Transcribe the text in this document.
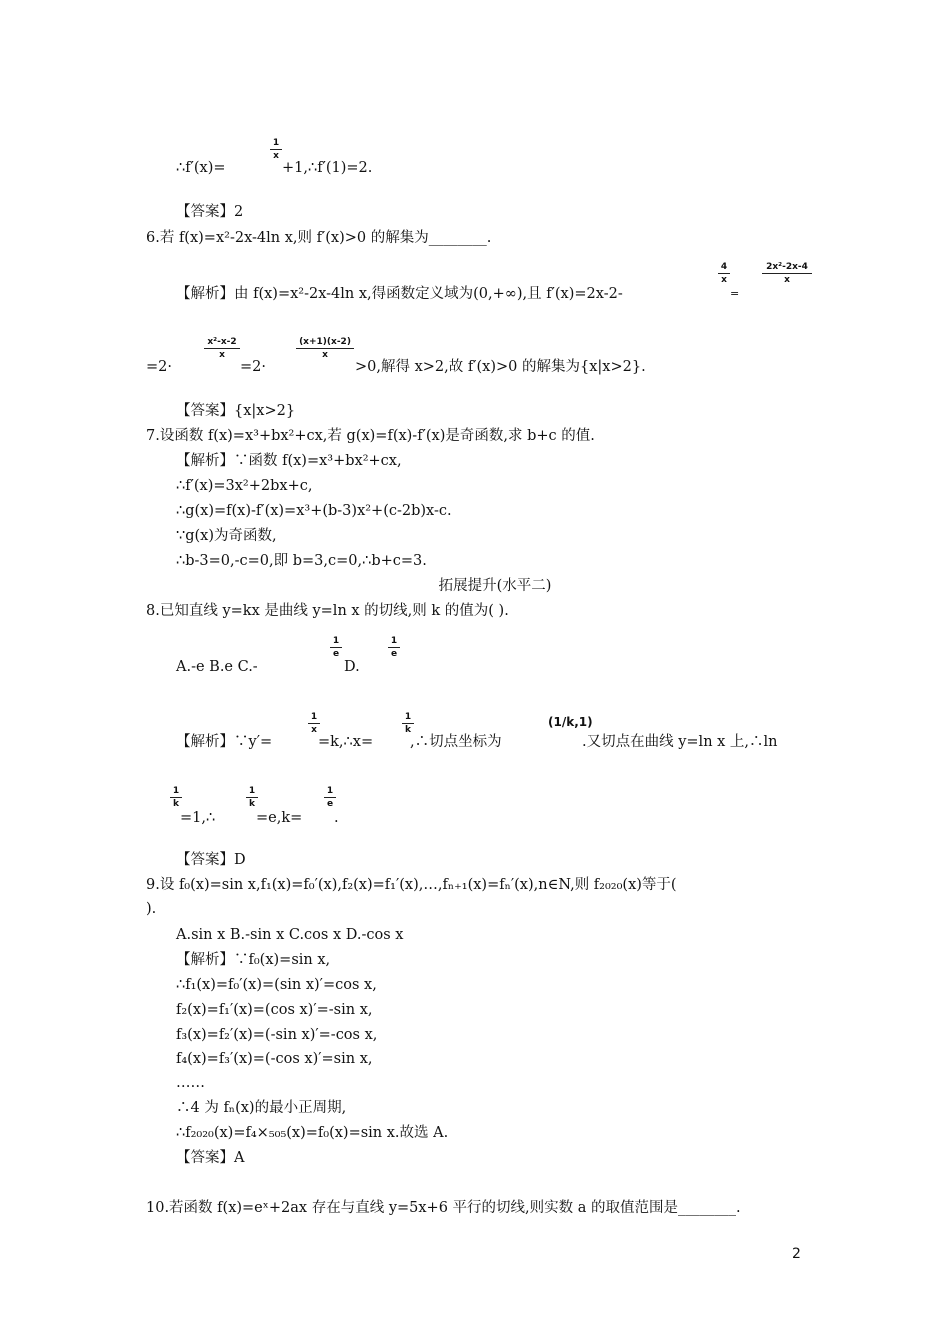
∴f′(x)=
1
x
+1,∴f′(1)=2.
【答案】2
6.若 f(x)=x²-2x-4ln x,则 f′(x)>0 的解集为________.
【解析】由 f(x)=x²-2x-4ln x,得函数定义域为(0,+∞),且 f′(x)=2x-2-
4
x
=
2x²-2x-4
x
=2·
x²-x-2
x
=2·
(x+1)(x-2)
x
>0,解得 x>2,故 f′(x)>0 的解集为{x|x>2}.
【答案】{x|x>2}
7.设函数 f(x)=x³+bx²+cx,若 g(x)=f(x)-f′(x)是奇函数,求 b+c 的值.
【解析】∵函数 f(x)=x³+bx²+cx,
∴f′(x)=3x²+2bx+c,
∴g(x)=f(x)-f′(x)=x³+(b-3)x²+(c-2b)x-c.
∵g(x)为奇函数,
∴b-3=0,-c=0,即 b=3,c=0,∴b+c=3.
拓展提升(水平二)
8.已知直线 y=kx 是曲线 y=ln x 的切线,则 k 的值为( ).
A.-e B.e C.-
1
e
D.
1
e
【解析】∵y′=
1
x
=k,∴x=
1
k
,∴切点坐标为
(1/k,1)
.又切点在曲线 y=ln x 上,∴ln
1
k
=1,∴
1
k
=e,k=
1
e
.
【答案】D
9.设 f₀(x)=sin x,f₁(x)=f₀′(x),f₂(x)=f₁′(x),…,fₙ₊₁(x)=fₙ′(x),n∈N,则 f₂₀₂₀(x)等于(
).
A.sin x B.-sin x C.cos x D.-cos x
【解析】∵f₀(x)=sin x,
∴f₁(x)=f₀′(x)=(sin x)′=cos x,
f₂(x)=f₁′(x)=(cos x)′=-sin x,
f₃(x)=f₂′(x)=(-sin x)′=-cos x,
f₄(x)=f₃′(x)=(-cos x)′=sin x,
……
∴4 为 fₙ(x)的最小正周期,
∴f₂₀₂₀(x)=f₄×₅₀₅(x)=f₀(x)=sin x.故选 A.
【答案】A
10.若函数 f(x)=eˣ+2ax 存在与直线 y=5x+6 平行的切线,则实数 a 的取值范围是________.
2
